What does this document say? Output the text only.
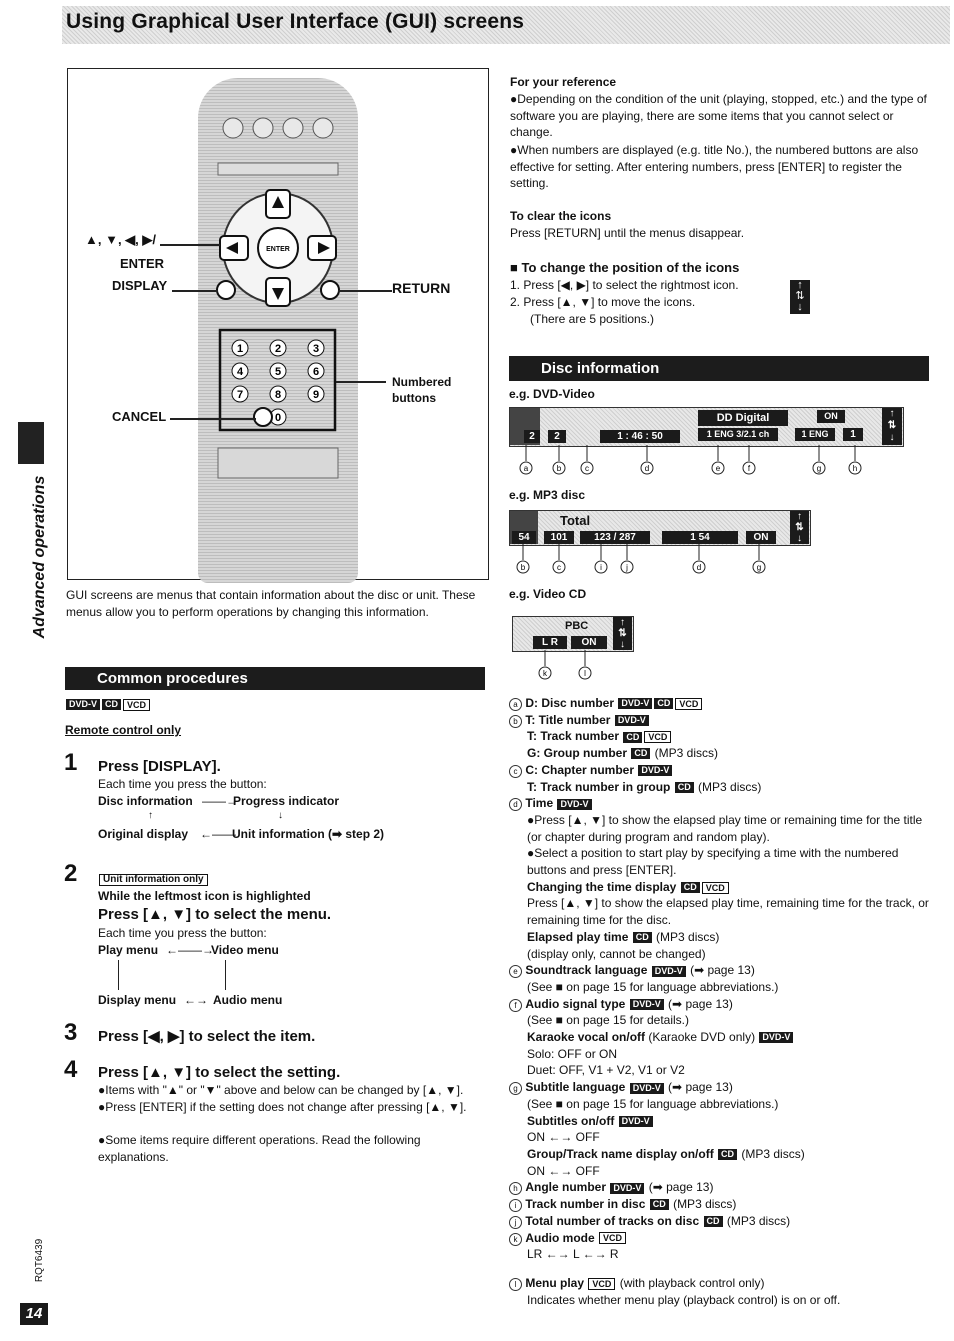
Using Graphical User Interface (GUI) screens
Advanced operations
RQT6439
14
ENTER
1	2	3
4	5	6
7	8	9
0
▲, ▼, ◀, ▶/
ENTER
DISPLAY	RETURN
Numbered
buttons
CANCEL
GUI screens are menus that contain information about the disc or unit. These menus allow you to perform operations by changing this information.
Common procedures
DVD-V CD VCD
Remote control only
1 Press [DISPLAY].
Each time you press the button:
Disc information ——→
Progress indicator
↑	↓
Original display ←——
Unit information (➡ step 2)
2	Unit information only
While the leftmost icon is highlighted
Press [▲, ▼] to select the menu.
Each time you press the button:
Play menu ←——→
Video menu
Display menu ←→ Audio menu
3 Press [◀, ▶] to select the item.
4 Press [▲, ▼] to select the setting.
●Items with "▲" or "▼" above and below can be changed by [▲, ▼].
●Press [ENTER] if the setting does not change after pressing [▲, ▼].
●Some items require different operations. Read the following explanations.
For your reference
●Depending on the condition of the unit (playing, stopped, etc.) and the type of software you are playing, there are some items that you cannot select or change.
●When numbers are displayed (e.g. title No.), the numbered buttons are also effective for setting. After entering numbers, press [ENTER] to register the setting.
To clear the icons
Press [RETURN] until the menus disappear.
■ To change the position of the icons
1. Press [◀, ▶] to select the rightmost icon.
2. Press [▲, ▼] to move the icons.
(There are 5 positions.)
↑
⇅
↓
Disc information
e.g. DVD-Video
2	2	1 : 46 : 50
DD Digital
1 ENG 3/2.1 ch
ON
1 ENG	1
↑
⇅
↓
a	b	c	d	e	f	g	h
e.g. MP3 disc
Total
54	101	123 / 287	1 54	ON
↑
⇅
↓
b	c	i	j	d	g
e.g. Video CD
PBC
L R	ON
↑
⇅
↓
k	l
a D: Disc number DVD-V CD VCD
b T: Title number DVD-V
T: Track number CD VCD
G: Group number CD (MP3 discs)
c C: Chapter number DVD-V
T: Track number in group CD (MP3 discs)
d Time DVD-V
●Press [▲, ▼] to show the elapsed play time or remaining time for the title (or chapter during program and random play).
●Select a position to start play by specifying a time with the numbered buttons and press [ENTER].
Changing the time display CD VCD
Press [▲, ▼] to show the elapsed play time, remaining time for the track, or remaining time for the disc.
Elapsed play time CD (MP3 discs)
(display only, cannot be changed)
e Soundtrack language DVD-V (➡ page 13)
(See ■ on page 15 for language abbreviations.)
f Audio signal type DVD-V (➡ page 13)
(See ■ on page 15 for details.)
Karaoke vocal on/off (Karaoke DVD only) DVD-V
Solo: OFF or ON
Duet: OFF, V1 + V2, V1 or V2
g Subtitle language DVD-V (➡ page 13)
(See ■ on page 15 for language abbreviations.)
Subtitles on/off DVD-V
ON ←→ OFF
Group/Track name display on/off CD (MP3 discs)
ON ←→ OFF
h Angle number DVD-V (➡ page 13)
i Track number in disc CD (MP3 discs)
j Total number of tracks on disc CD (MP3 discs)
k Audio mode VCD
LR ←→ L ←→ R
l Menu play VCD (with playback control only)
Indicates whether menu play (playback control) is on or off.
